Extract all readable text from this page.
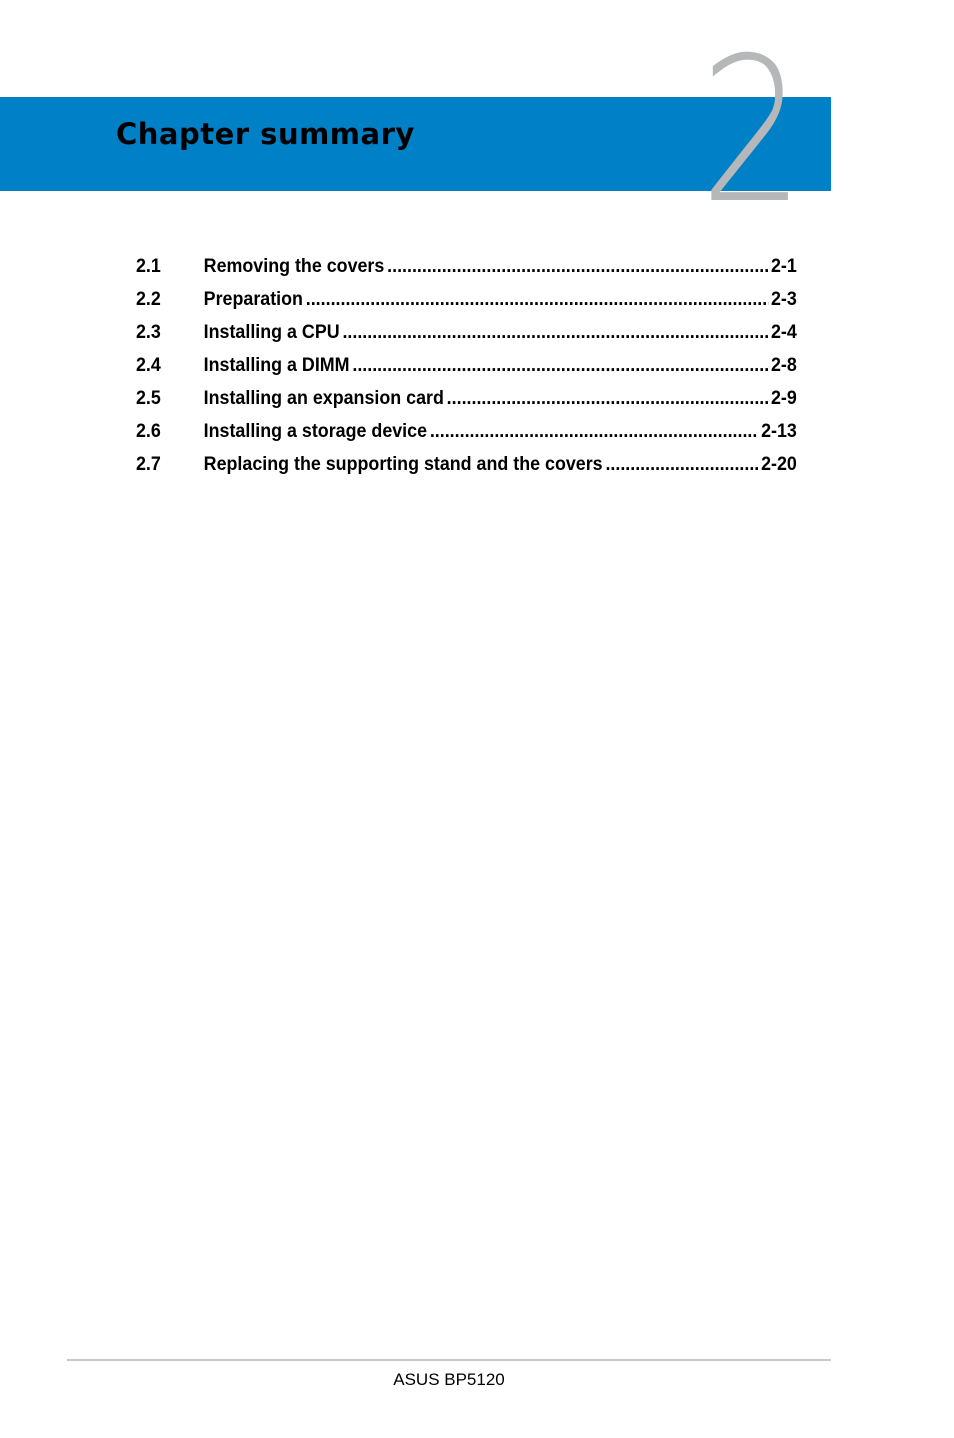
Chapter summary 2
2.1	Removing the covers .....	2-1
2.2	Preparation .....	2-3
2.3	Installing a CPU .....	2-4
2.4	Installing a DIMM .....	2-8
2.5	Installing an expansion card .....	2-9
2.6	Installing a storage device .....	2-13
2.7	Replacing the supporting stand and the covers .....	2-20
ASUS BP5120
